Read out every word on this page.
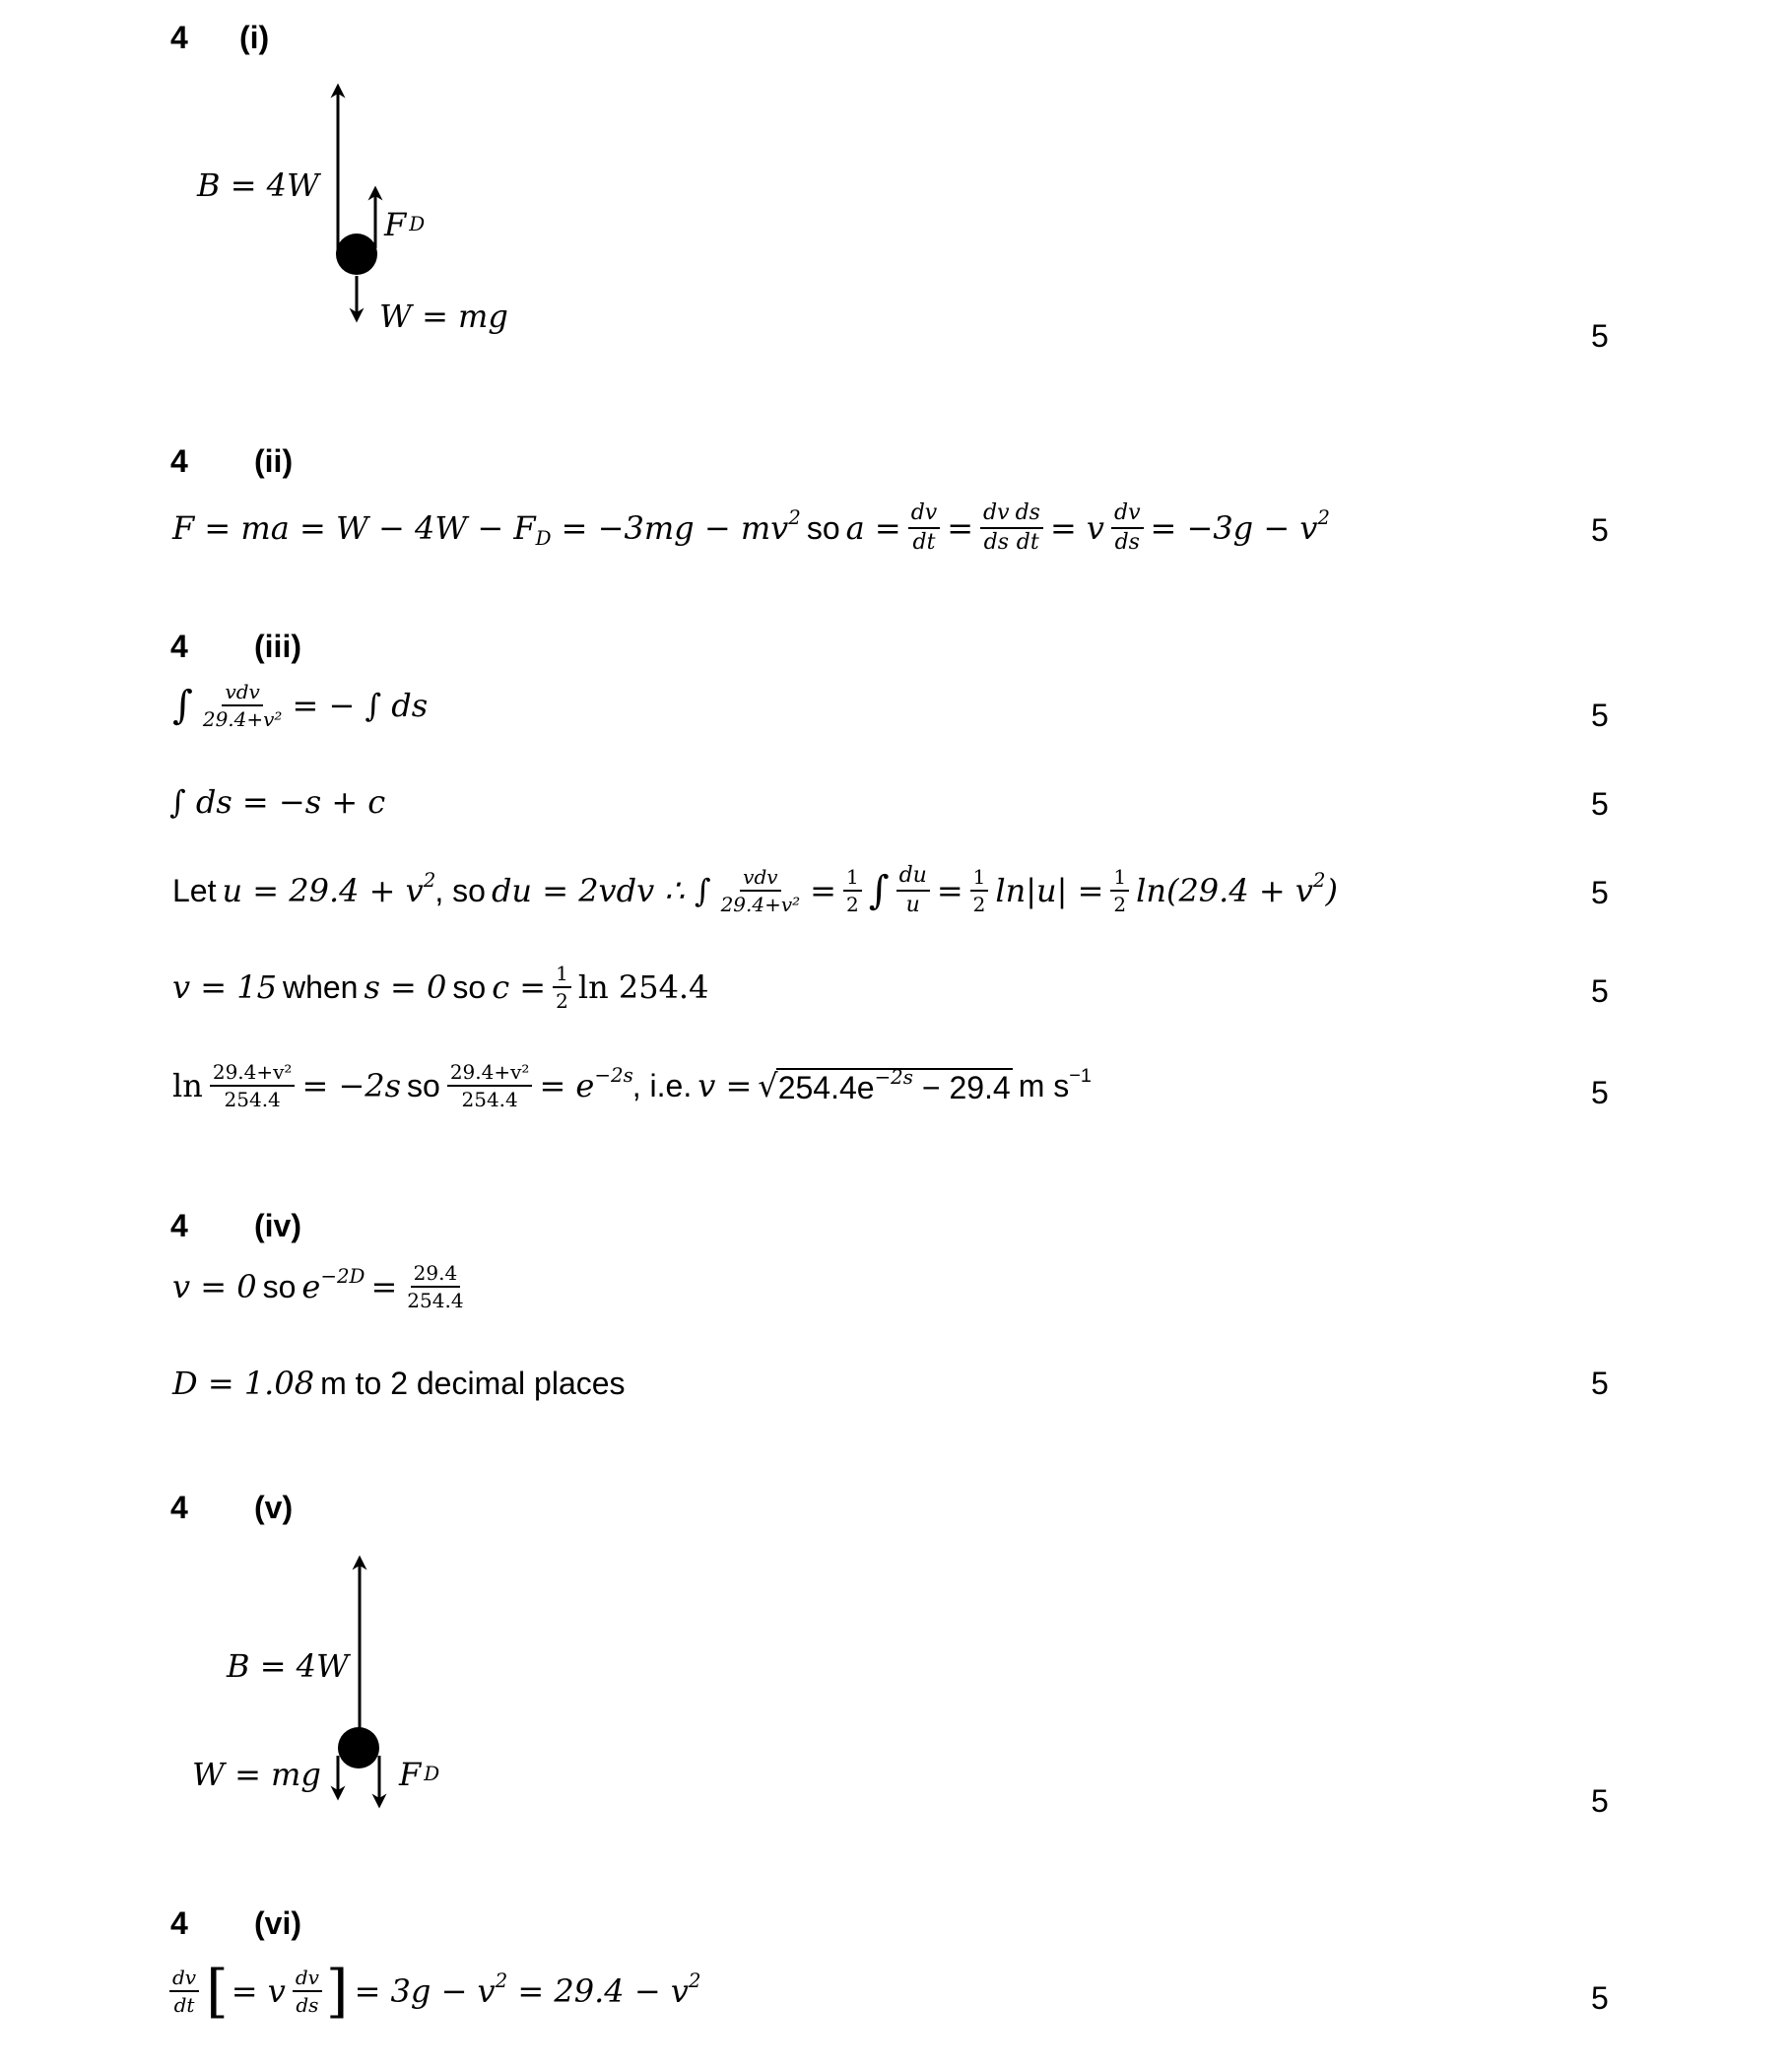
4 (i)
B = 4W
F D
W = mg
5
4 (ii)
F = ma = $W - 4W - F_D = -3mg - mv^2$ so $a = \frac{dv}{dt} = \frac{dv}{ds} \frac{ds}{dt} = v \frac{dv}{ds} = -3g - v^2$	5
4 (iii)
∫ $\frac{\text{vdv}}{\text{29.4+v²}}$ = − ∫ ds	5
∫ ds = −s + c	5
Let $u = 29.4 + v^2$ , so du = 2vdv ∴ ∫ $\frac{\text{vdv}}{\text{29.4+v²}} = \frac{1}{2}$ ∫ $\frac{du}{u} = \frac{1}{2} \ln|u| = \frac{1}{2} \ln(29.4 + v^2)$	5
v = 15 when s = 0 so $c = \frac{1}{2}$ ln 254.4	5
$\ln \frac{\text{29.4+v²}}{254.4} = -2s$ so $\frac{\text{29.4+v²}}{254.4} = e^{-2s}$ , i.e. v = √ $254.4e^{-2s} - 29.4$ m $s^{-1}$	5
4 (iv)
v = 0 so $e^{-2D} = \frac{29.4}{254.4}$
D = 1.08 m to 2 decimal places	5
4 (v)
B = 4W
W = mg F D
5
4 (vi)
$\frac{dv}{dt}$ [ = v $\frac{dv}{ds}$ ] = $3g - v^2 = 29.4 - v^2$	5
